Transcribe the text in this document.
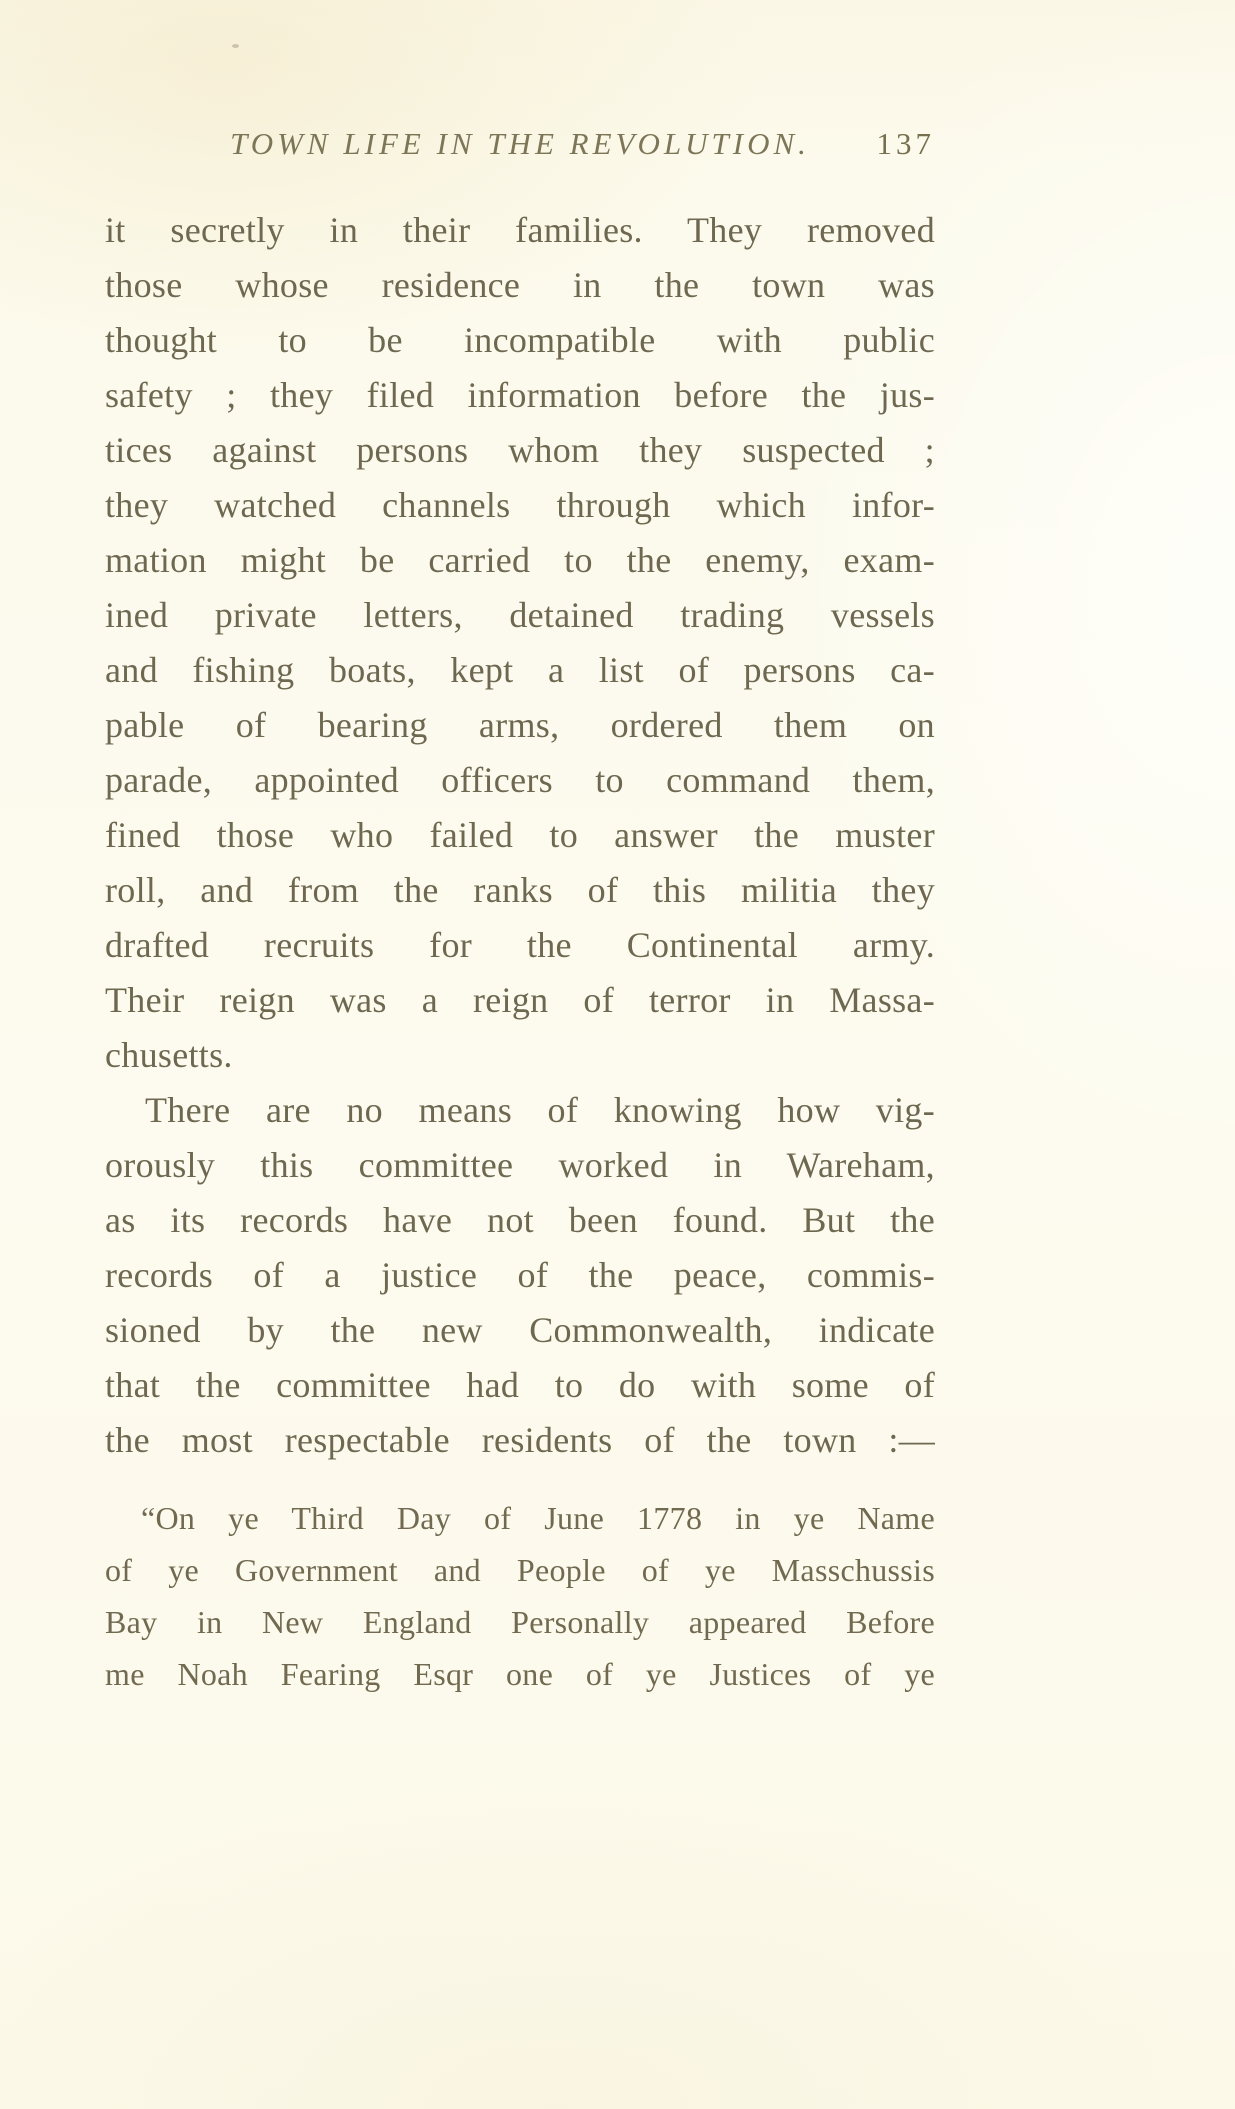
TOWN LIFE IN THE REVOLUTION. 137
it secretly in their families. They removed
those whose residence in the town was
thought to be incompatible with public
safety ; they filed information before the jus-
tices against persons whom they suspected ;
they watched channels through which infor-
mation might be carried to the enemy, exam-
ined private letters, detained trading vessels
and fishing boats, kept a list of persons ca-
pable of bearing arms, ordered them on
parade, appointed officers to command them,
fined those who failed to answer the muster
roll, and from the ranks of this militia they
drafted recruits for the Continental army.
Their reign was a reign of terror in Massa-
chusetts.
There are no means of knowing how vig-
orously this committee worked in Wareham,
as its records have not been found. But the
records of a justice of the peace, commis-
sioned by the new Commonwealth, indicate
that the committee had to do with some of
the most respectable residents of the town :—
“On ye Third Day of June 1778 in ye Name
of ye Government and People of ye Masschussis
Bay in New England Personally appeared Before
me Noah Fearing Esqr one of ye Justices of ye
